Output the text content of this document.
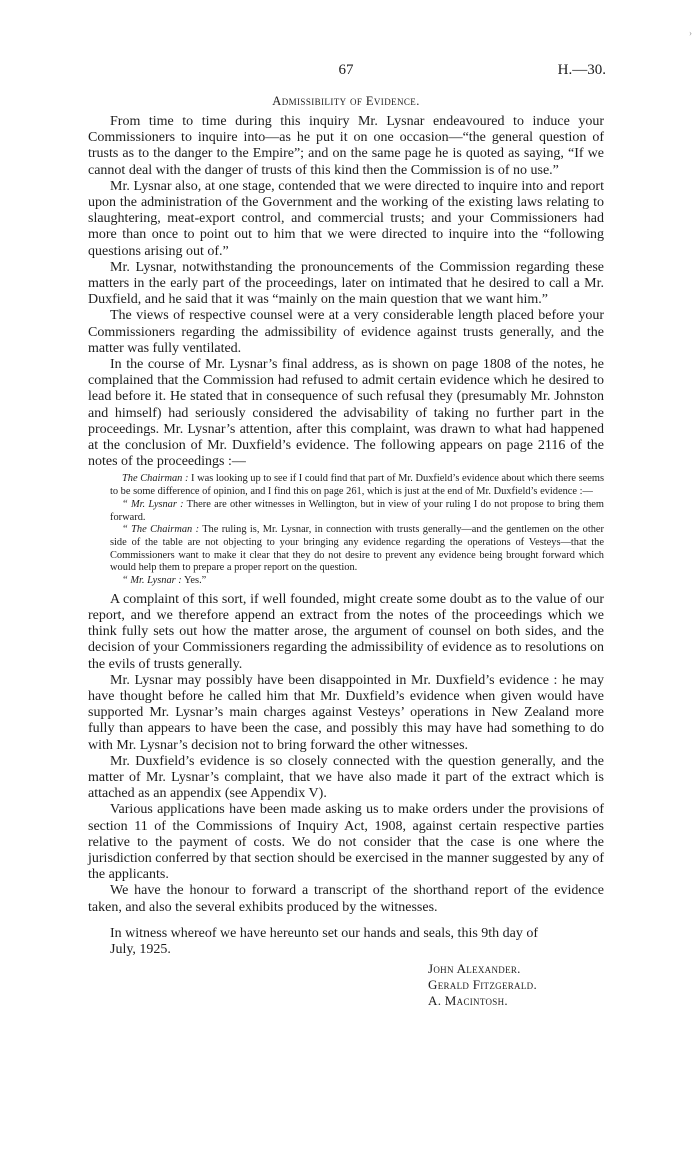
67	H.—30.
Admissibility of Evidence.

From time to time during this inquiry Mr. Lysnar endeavoured to induce your Commissioners to inquire into—as he put it on one occasion—“the general question of trusts as to the danger to the Empire”; and on the same page he is quoted as saying, “If we cannot deal with the danger of trusts of this kind then the Commission is of no use.”

Mr. Lysnar also, at one stage, contended that we were directed to inquire into and report upon the administration of the Government and the working of the existing laws relating to slaughtering, meat-export control, and commercial trusts; and your Commissioners had more than once to point out to him that we were directed to inquire into the “following questions arising out of.”

Mr. Lysnar, notwithstanding the pronouncements of the Commission regarding these matters in the early part of the proceedings, later on intimated that he desired to call a Mr. Duxfield, and he said that it was “mainly on the main question that we want him.”

The views of respective counsel were at a very considerable length placed before your Commissioners regarding the admissibility of evidence against trusts generally, and the matter was fully ventilated.

In the course of Mr. Lysnar’s final address, as is shown on page 1808 of the notes, he complained that the Commission had refused to admit certain evidence which he desired to lead before it. He stated that in consequence of such refusal they (presumably Mr. Johnston and himself) had seriously considered the advisability of taking no further part in the proceedings. Mr. Lysnar’s attention, after this complaint, was drawn to what had happened at the conclusion of Mr. Duxfield’s evidence. The following appears on page 2116 of the notes of the proceedings :—

The Chairman : I was looking up to see if I could find that part of Mr. Duxfield’s evidence about which there seems to be some difference of opinion, and I find this on page 261, which is just at the end of Mr. Duxfield’s evidence :—

“ Mr. Lysnar : There are other witnesses in Wellington, but in view of your ruling I do not propose to bring them forward.

“ The Chairman : The ruling is, Mr. Lysnar, in connection with trusts generally—and the gentlemen on the other side of the table are not objecting to your bringing any evidence regarding the operations of Vesteys—that the Commissioners want to make it clear that they do not desire to prevent any evidence being brought forward which would help them to prepare a proper report on the question.

“ Mr. Lysnar : Yes.”

A complaint of this sort, if well founded, might create some doubt as to the value of our report, and we therefore append an extract from the notes of the proceedings which we think fully sets out how the matter arose, the argument of counsel on both sides, and the decision of your Commissioners regarding the admissibility of evidence as to resolutions on the evils of trusts generally.

Mr. Lysnar may possibly have been disappointed in Mr. Duxfield’s evidence : he may have thought before he called him that Mr. Duxfield’s evidence when given would have supported Mr. Lysnar’s main charges against Vesteys’ operations in New Zealand more fully than appears to have been the case, and possibly this may have had something to do with Mr. Lysnar’s decision not to bring forward the other witnesses.

Mr. Duxfield’s evidence is so closely connected with the question generally, and the matter of Mr. Lysnar’s complaint, that we have also made it part of the extract which is attached as an appendix (see Appendix V).

Various applications have been made asking us to make orders under the provisions of section 11 of the Commissions of Inquiry Act, 1908, against certain respective parties relative to the payment of costs. We do not consider that the case is one where the jurisdiction conferred by that section should be exercised in the manner suggested by any of the applicants.

We have the honour to forward a transcript of the shorthand report of the evidence taken, and also the several exhibits produced by the witnesses.

In witness whereof we have hereunto set our hands and seals, this 9th day of
July, 1925.
John Alexander.
Gerald Fitzgerald.
A. Macintosh.
›
